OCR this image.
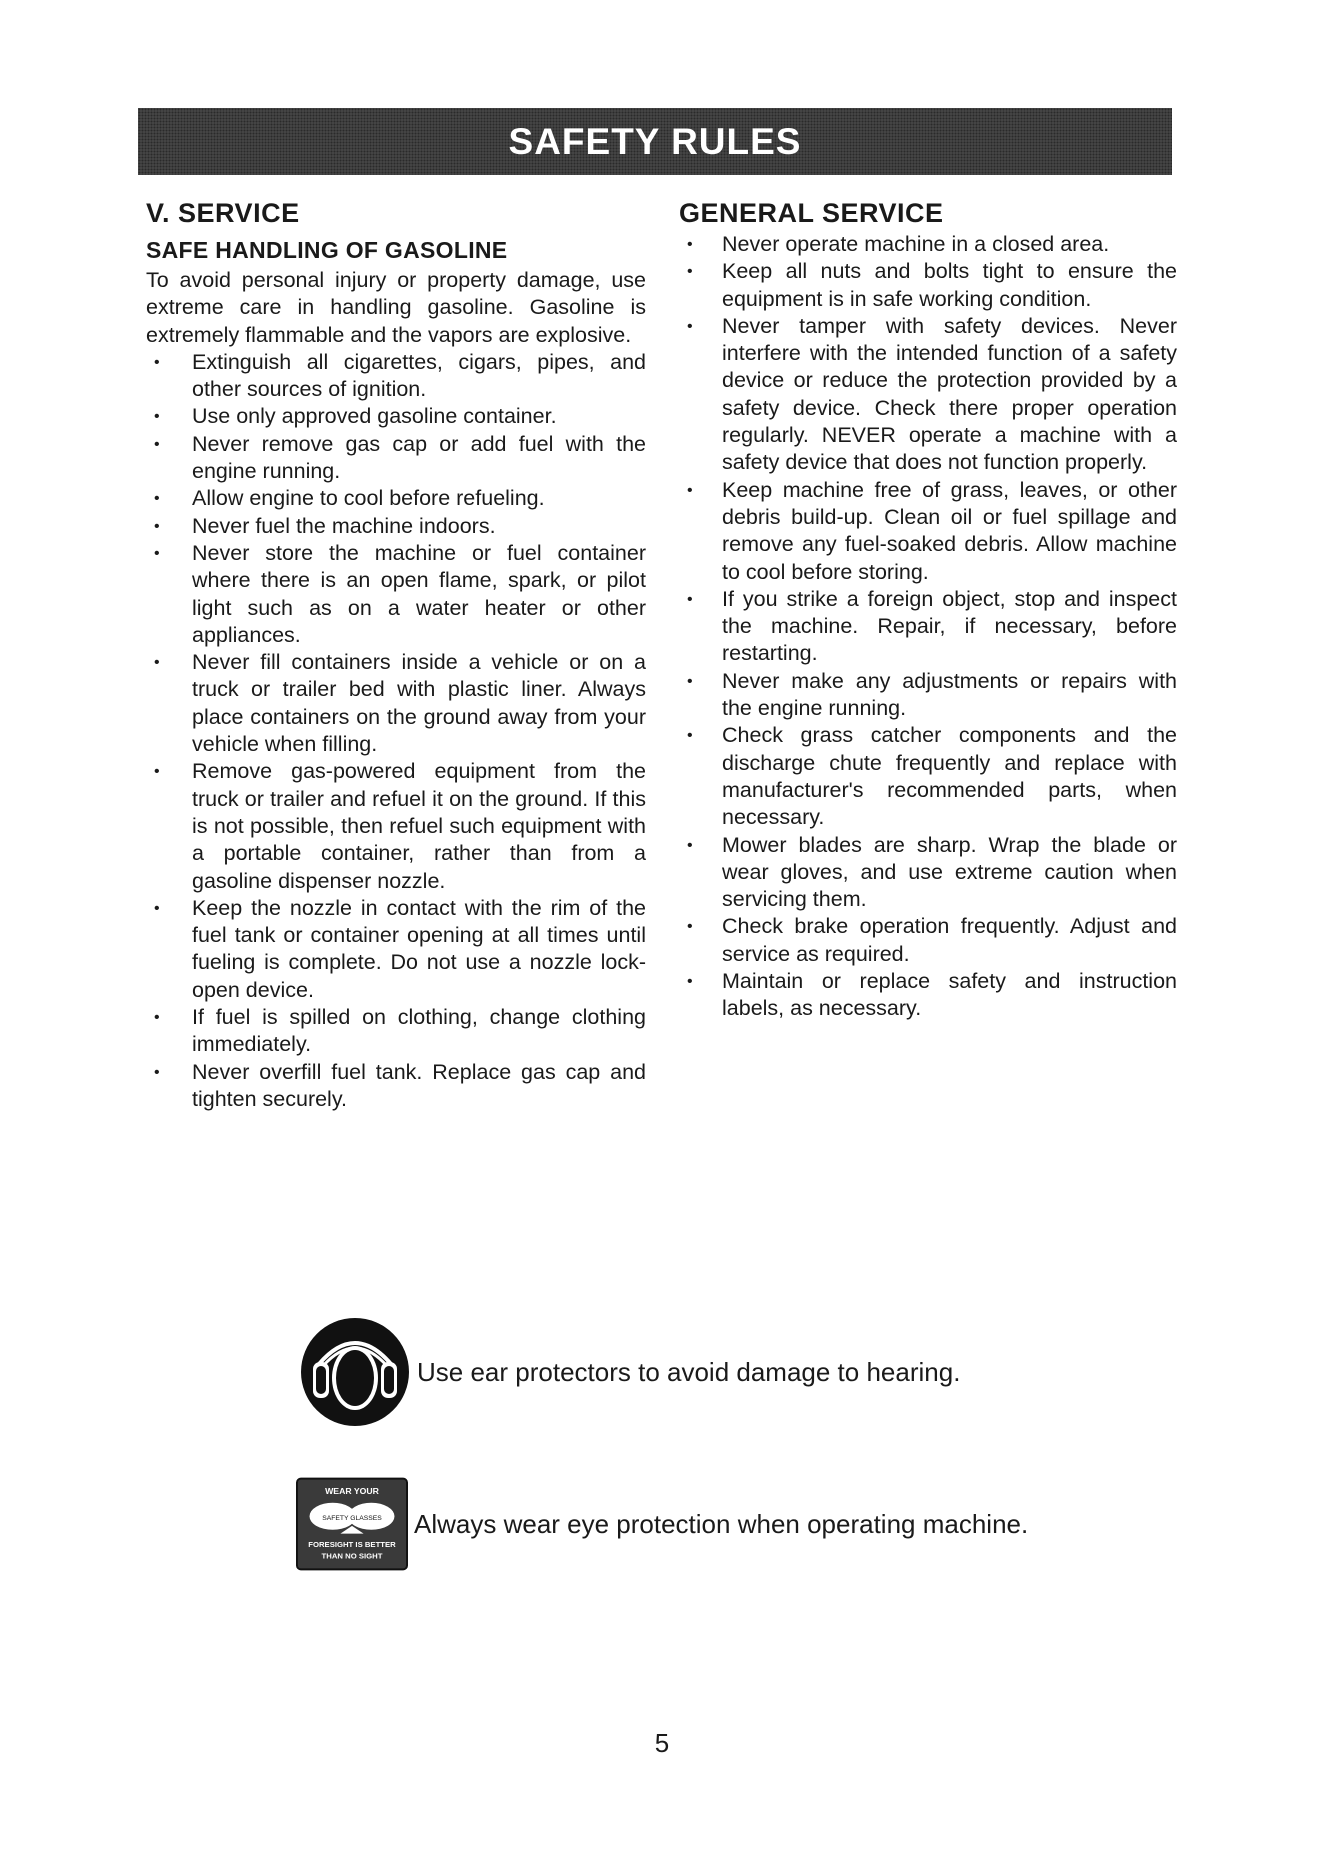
SAFETY RULES
V. SERVICE
SAFE HANDLING OF GASOLINE

To avoid personal injury or property damage, use extreme care in handling gasoline. Gasoline is extremely flammable and the vapors are explosive.

• Extinguish all cigarettes, cigars, pipes, and other sources of ignition.
• Use only approved gasoline container.
• Never remove gas cap or add fuel with the engine running.
• Allow engine to cool before refueling.
• Never fuel the machine indoors.
• Never store the machine or fuel container where there is an open flame, spark, or pilot light such as on a water heater or other appliances.
• Never fill containers inside a vehicle or on a truck or trailer bed with plastic liner. Always place containers on the ground away from your vehicle when filling.
• Remove gas-powered equipment from the truck or trailer and refuel it on the ground. If this is not possible, then refuel such equipment with a portable container, rather than from a gasoline dispenser nozzle.
• Keep the nozzle in contact with the rim of the fuel tank or container opening at all times until fueling is complete. Do not use a nozzle lock-open device.
• If fuel is spilled on clothing, change clothing immediately.
• Never overfill fuel tank. Replace gas cap and tighten securely.
GENERAL SERVICE
• Never operate machine in a closed area.
• Keep all nuts and bolts tight to ensure the equipment is in safe working condition.
• Never tamper with safety devices. Never interfere with the intended function of a safety device or reduce the protection provided by a safety device. Check there proper operation regularly. NEVER operate a machine with a safety device that does not function properly.
• Keep machine free of grass, leaves, or other debris build-up. Clean oil or fuel spillage and remove any fuel-soaked debris. Allow machine to cool before storing.
• If you strike a foreign object, stop and inspect the machine. Repair, if necessary, before restarting.
• Never make any adjustments or repairs with the engine running.
• Check grass catcher components and the discharge chute frequently and replace with manufacturer's recommended parts, when necessary.
• Mower blades are sharp. Wrap the blade or wear gloves, and use extreme caution when servicing them.
• Check brake operation frequently. Adjust and service as required.
• Maintain or replace safety and instruction labels, as necessary.
Use ear protectors to avoid damage to hearing.
WEAR YOUR
SAFETY GLASSES
FORESIGHT IS BETTER
THAN NO SIGHT
Always wear eye protection when operating machine.
5
